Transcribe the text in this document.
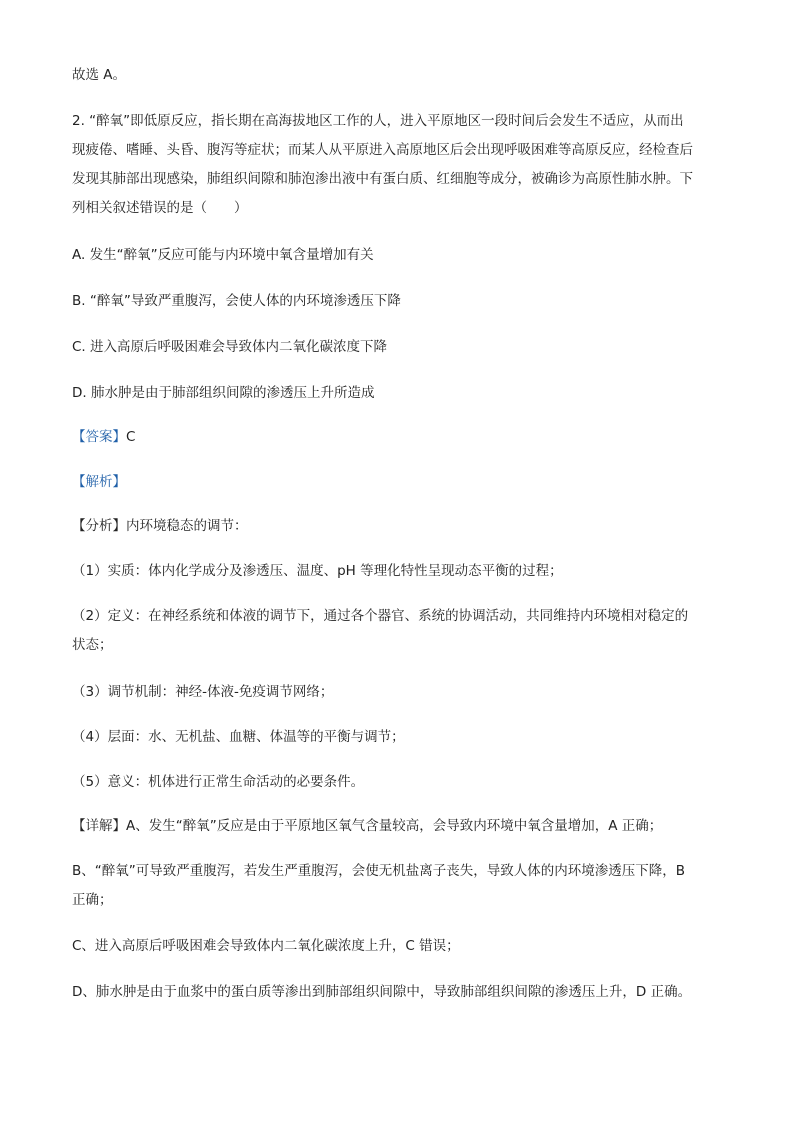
故选 A。
2. “醉氧”即低原反应，指长期在高海拔地区工作的人，进入平原地区一段时间后会发生不适应，从而出
现疲倦、嗜睡、头昏、腹泻等症状；而某人从平原进入高原地区后会出现呼吸困难等高原反应，经检查后
发现其肺部出现感染，肺组织间隙和肺泡渗出液中有蛋白质、红细胞等成分，被确诊为高原性肺水肿。下
列相关叙述错误的是（　　）
A. 发生“醉氧”反应可能与内环境中氧含量增加有关
B. “醉氧”导致严重腹泻，会使人体的内环境渗透压下降
C. 进入高原后呼吸困难会导致体内二氧化碳浓度下降
D. 肺水肿是由于肺部组织间隙的渗透压上升所造成
【答案】C
【解析】
【分析】内环境稳态的调节：
（1）实质：体内化学成分及渗透压、温度、pH 等理化特性呈现动态平衡的过程；
（2）定义：在神经系统和体液的调节下，通过各个器官、系统的协调活动，共同维持内环境相对稳定的
状态；
（3）调节机制：神经-体液-免疫调节网络；
（4）层面：水、无机盐、血糖、体温等的平衡与调节；
（5）意义：机体进行正常生命活动的必要条件。
【详解】A、发生“醉氧”反应是由于平原地区氧气含量较高，会导致内环境中氧含量增加，A 正确；
B、“醉氧”可导致严重腹泻，若发生严重腹泻，会使无机盐离子丧失，导致人体的内环境渗透压下降，B
正确；
C、进入高原后呼吸困难会导致体内二氧化碳浓度上升，C 错误；
D、肺水肿是由于血浆中的蛋白质等渗出到肺部组织间隙中，导致肺部组织间隙的渗透压上升，D 正确。
